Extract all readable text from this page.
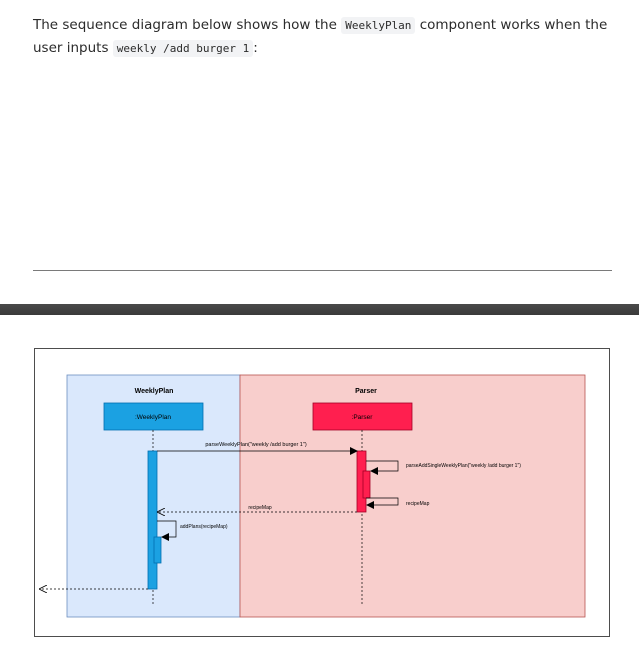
The sequence diagram below shows how the WeeklyPlan component works when the user inputs weekly /add burger 1 :
WeeklyPlan	Parser
:WeeklyPlan	:Parser
parseWeeklyPlan("weekly /add burger 1")
parseAddSingleWeeklyPlan("weekly /add burger 1")
recipeMap
recipeMap
addPlans(recipeMap)
